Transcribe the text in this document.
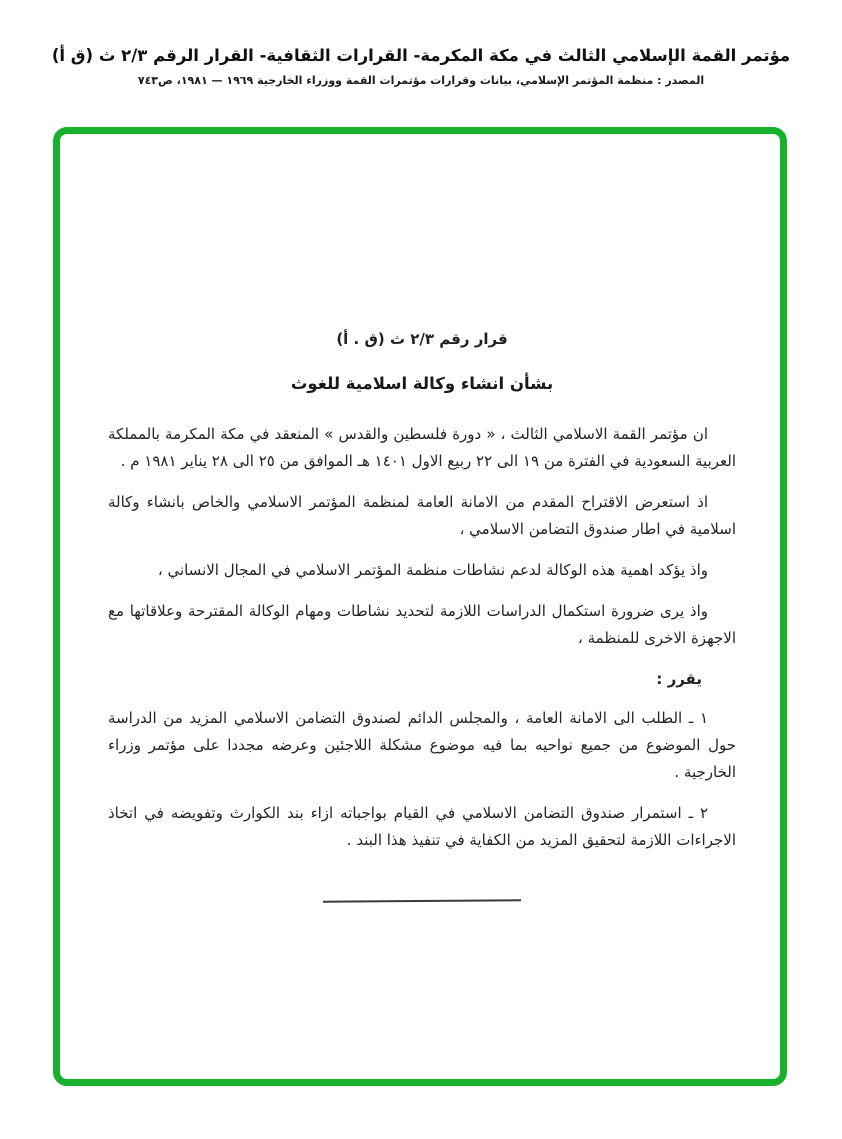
مؤتمر القمة الإسلامي الثالث في مكة المكرمة- القرارات الثقافية- القرار الرقم ٢/٣ ث (ق أ)
المصدر : منظمة المؤتمر الإسلامي، بيانات وقرارات مؤتمرات القمة ووزراء الخارجية ١٩٦٩ — ١٩٨١، ص٧٤٣
قرار رقم ٢/٣ ث (ق . أ)
بشأن انشاء وكالة اسلامية للغوث

ان مؤتمر القمة الاسلامي الثالث ، « دورة فلسطين والقدس » المنعقد في مكة المكرمة بالمملكة العربية السعودية في الفترة من ١٩ الى ٢٢ ربيع الاول ١٤٠١ هـ الموافق من ٢٥ الى ٢٨ يناير ١٩٨١ م .

اذ استعرض الاقتراح المقدم من الامانة العامة لمنظمة المؤتمر الاسلامي والخاص بانشاء وكالة اسلامية في اطار صندوق التضامن الاسلامي ،

واذ يؤكد اهمية هذه الوكالة لدعم نشاطات منظمة المؤتمر الاسلامي في المجال الانساني ،

واذ يرى ضرورة استكمال الدراسات اللازمة لتحديد نشاطات ومهام الوكالة المقترحة وعلاقاتها مع الاجهزة الاخرى للمنظمة ،

يقرر :

١ ـ الطلب الى الامانة العامة ، والمجلس الدائم لصندوق التضامن الاسلامي المزيد من الدراسة حول الموضوع من جميع نواحيه بما فيه موضوع مشكلة اللاجئين وعرضه مجددا على مؤتمر وزراء الخارجية .

٢ ـ استمرار صندوق التضامن الاسلامي في القيام بواجباته ازاء بند الكوارث وتفويضه في اتخاذ الاجراءات اللازمة لتحقيق المزيد من الكفاية في تنفيذ هذا البند .
